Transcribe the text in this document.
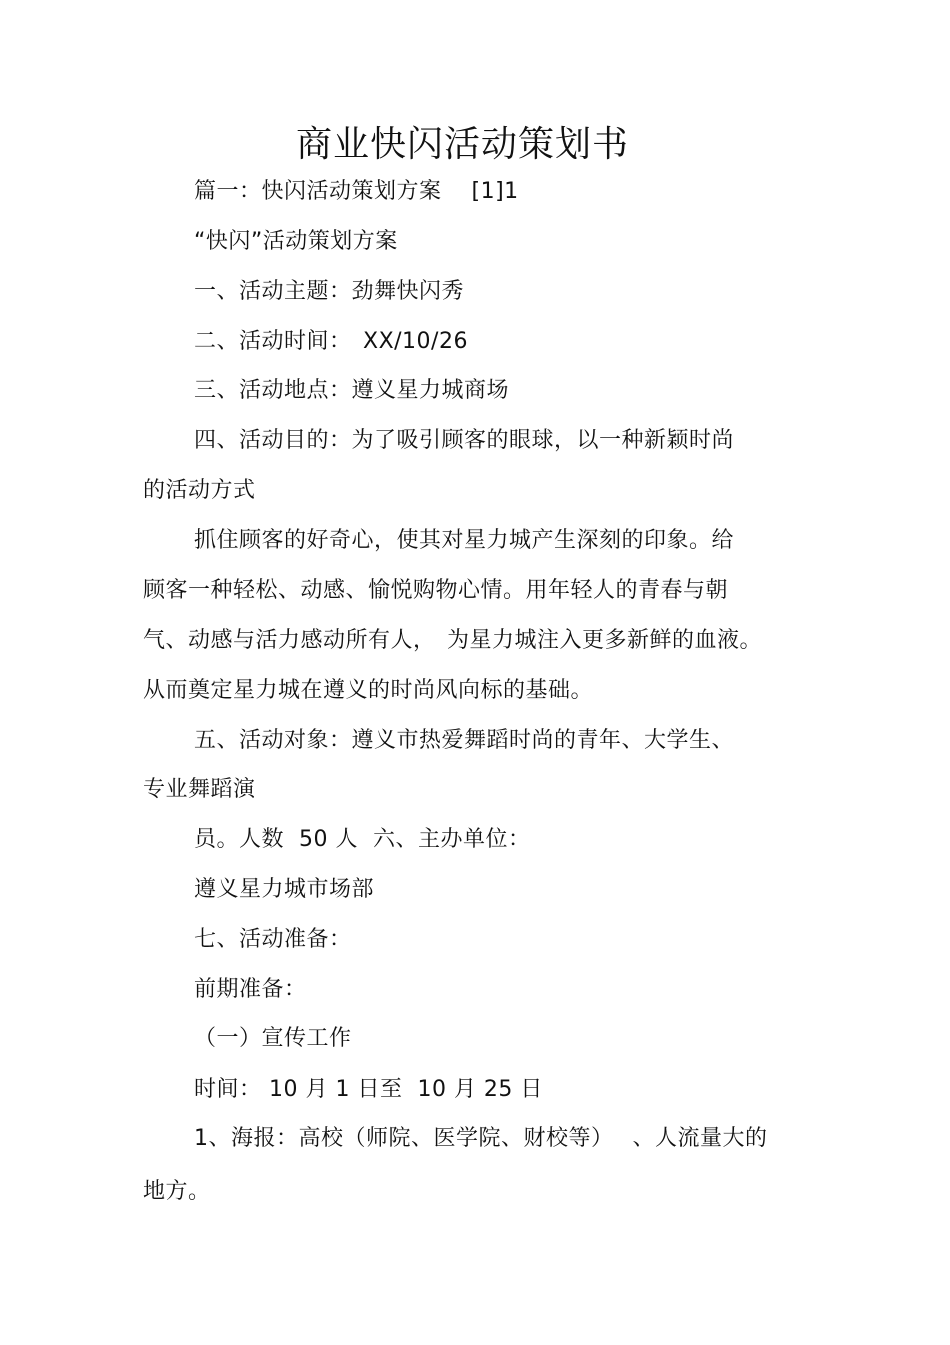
商业快闪活动策划书
篇一：快闪活动策划方案　 [1]1
“快闪”活动策划方案
一、活动主题：劲舞快闪秀
二、活动时间：　XX/10/26
三、活动地点：遵义星力城商场
四、活动目的：为了吸引顾客的眼球，以一种新颖时尚
的活动方式
抓住顾客的好奇心，使其对星力城产生深刻的印象。给
顾客一种轻松、动感、愉悦购物心情。用年轻人的青春与朝
气、动感与活力感动所有人，　为星力城注入更多新鲜的血液。
从而奠定星力城在遵义的时尚风向标的基础。
五、活动对象：遵义市热爱舞蹈时尚的青年、大学生、
专业舞蹈演
员。人数  50 人  六、主办单位：
遵义星力城市场部
七、活动准备：
前期准备：
（一）宣传工作
时间： 10 月 1 日至  10 月 25 日
1、海报：高校（师院、医学院、财校等）　 、人流量大的
地方。
